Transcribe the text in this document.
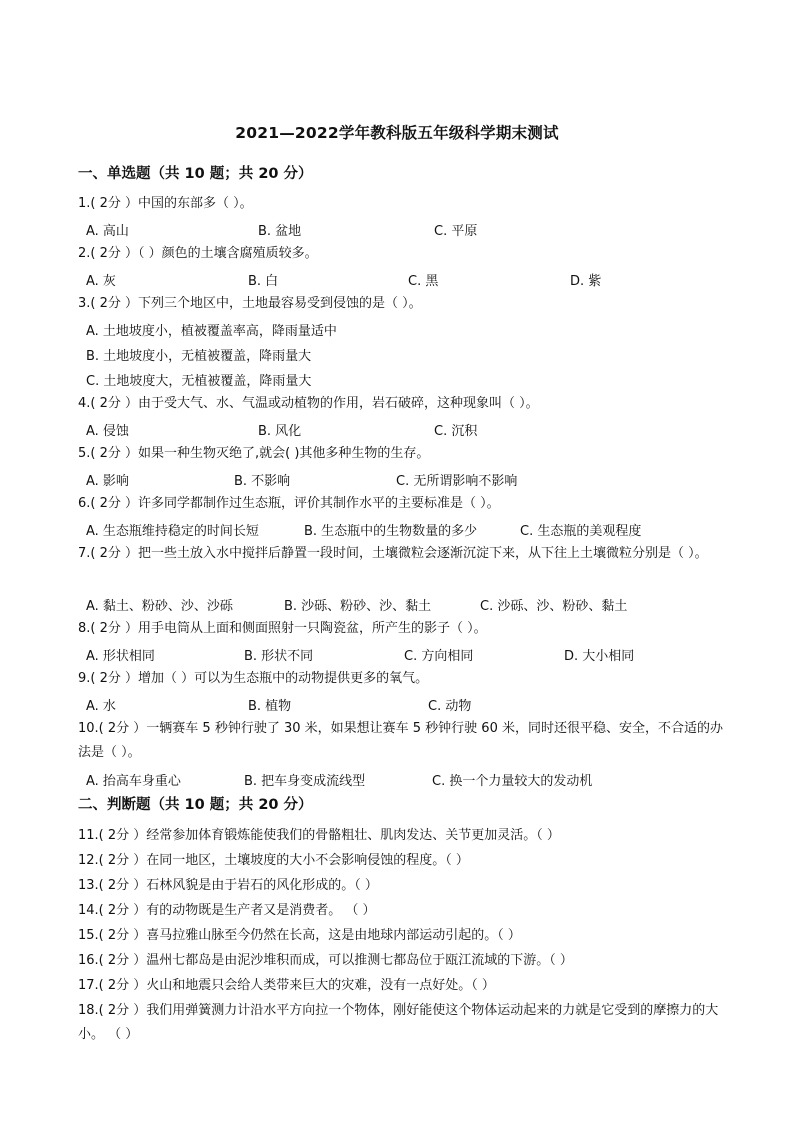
2021—2022学年教科版五年级科学期末测试
一、单选题（共 10 题；共 20 分）
1.( 2分 ）中国的东部多（ ）。
A. 高山	B. 盆地	C. 平原
2.( 2分 ）（ ）颜色的土壤含腐殖质较多。
A. 灰	B. 白	C. 黑	D. 紫
3.( 2分 ）下列三个地区中，土地最容易受到侵蚀的是（ ）。
A. 土地坡度小，植被覆盖率高，降雨量适中
B. 土地坡度小，无植被覆盖，降雨量大
C. 土地坡度大，无植被覆盖，降雨量大
4.( 2分 ）由于受大气、水、气温或动植物的作用，岩石破碎，这种现象叫（ ）。
A. 侵蚀	B. 风化	C. 沉积
5.( 2分 ）如果一种生物灭绝了,就会( )其他多种生物的生存。
A. 影响	B. 不影响	C. 无所谓影响不影响
6.( 2分 ）许多同学都制作过生态瓶，评价其制作水平的主要标准是（ ）。
A. 生态瓶维持稳定的时间长短	B. 生态瓶中的生物数量的多少	C. 生态瓶的美观程度
7.( 2分 ）把一些土放入水中搅拌后静置一段时间，土壤微粒会逐渐沉淀下来，从下往上土壤微粒分别是（ ）。
A. 黏土、粉砂、沙、沙砾	B. 沙砾、粉砂、沙、黏土	C. 沙砾、沙、粉砂、黏土
8.( 2分 ）用手电筒从上面和侧面照射一只陶瓷盆，所产生的影子（ ）。
A. 形状相同	B. 形状不同	C. 方向相同	D. 大小相同
9.( 2分 ）增加（ ）可以为生态瓶中的动物提供更多的氧气。
A. 水	B. 植物	C. 动物
10.( 2分 ）一辆赛车 5 秒钟行驶了 30 米，如果想让赛车 5 秒钟行驶 60 米，同时还很平稳、安全，不合适的办法是（ ）。
A. 抬高车身重心	B. 把车身变成流线型	C. 换一个力量较大的发动机
二、判断题（共 10 题；共 20 分）
11.( 2分 ）经常参加体育锻炼能使我们的骨骼粗壮、肌肉发达、关节更加灵活。（ ）
12.( 2分 ）在同一地区，土壤坡度的大小不会影响侵蚀的程度。（ ）
13.( 2分 ）石林风貌是由于岩石的风化形成的。（ ）
14.( 2分 ）有的动物既是生产者又是消费者。 （ ）
15.( 2分 ）喜马拉雅山脉至今仍然在长高，这是由地球内部运动引起的。（ ）
16.( 2分 ）温州七都岛是由泥沙堆积而成，可以推测七都岛位于瓯江流域的下游。（ ）
17.( 2分 ）火山和地震只会给人类带来巨大的灾难，没有一点好处。（ ）
18.( 2分 ）我们用弹簧测力计沿水平方向拉一个物体，刚好能使这个物体运动起来的力就是它受到的摩擦力的大小。 （ ）
